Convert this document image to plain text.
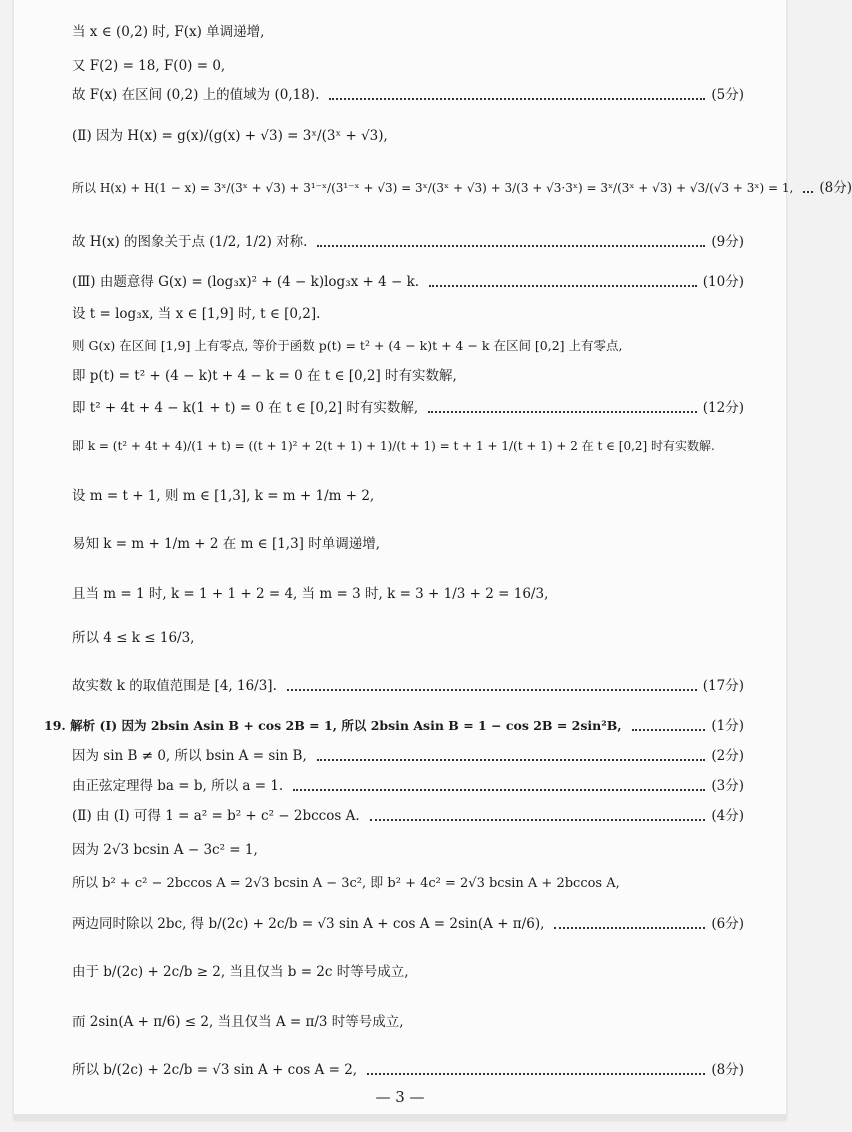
当 x ∈ (0,2) 时, F(x) 单调递增,
又 F(2) = 18, F(0) = 0,
故 F(x) 在区间 (0,2) 上的值域为 (0,18).	(5分)
(Ⅱ) 因为 H(x) = g(x)/(g(x) + √3) = 3ˣ/(3ˣ + √3),
所以 H(x) + H(1 − x) = 3ˣ/(3ˣ + √3) + 3¹⁻ˣ/(3¹⁻ˣ + √3) = 3ˣ/(3ˣ + √3) + 3/(3 + √3·3ˣ) = 3ˣ/(3ˣ + √3) + √3/(√3 + 3ˣ) = 1, (8分)
故 H(x) 的图象关于点 (1/2, 1/2) 对称.	(9分)
(Ⅲ) 由题意得 G(x) = (log₃x)² + (4 − k)log₃x + 4 − k.	(10分)
设 t = log₃x, 当 x ∈ [1,9] 时, t ∈ [0,2].
则 G(x) 在区间 [1,9] 上有零点, 等价于函数 p(t) = t² + (4 − k)t + 4 − k 在区间 [0,2] 上有零点,
即 p(t) = t² + (4 − k)t + 4 − k = 0 在 t ∈ [0,2] 时有实数解,
即 t² + 4t + 4 − k(1 + t) = 0 在 t ∈ [0,2] 时有实数解,	(12分)
即 k = (t² + 4t + 4)/(1 + t) = ((t + 1)² + 2(t + 1) + 1)/(t + 1) = t + 1 + 1/(t + 1) + 2 在 t ∈ [0,2] 时有实数解.
设 m = t + 1, 则 m ∈ [1,3], k = m + 1/m + 2,
易知 k = m + 1/m + 2 在 m ∈ [1,3] 时单调递增,
且当 m = 1 时, k = 1 + 1 + 2 = 4, 当 m = 3 时, k = 3 + 1/3 + 2 = 16/3,
所以 4 ≤ k ≤ 16/3,
故实数 k 的取值范围是 [4, 16/3].	(17分)
19. 解析 (Ⅰ) 因为 2bsin Asin B + cos 2B = 1, 所以 2bsin Asin B = 1 − cos 2B = 2sin²B,	(1分)
因为 sin B ≠ 0, 所以 bsin A = sin B,	(2分)
由正弦定理得 ba = b, 所以 a = 1.	(3分)
(Ⅱ) 由 (Ⅰ) 可得 1 = a² = b² + c² − 2bccos A.	(4分)
因为 2√3 bcsin A − 3c² = 1,
所以 b² + c² − 2bccos A = 2√3 bcsin A − 3c², 即 b² + 4c² = 2√3 bcsin A + 2bccos A,
两边同时除以 2bc, 得 b/(2c) + 2c/b = √3 sin A + cos A = 2sin(A + π/6),	(6分)
由于 b/(2c) + 2c/b ≥ 2, 当且仅当 b = 2c 时等号成立,
而 2sin(A + π/6) ≤ 2, 当且仅当 A = π/3 时等号成立,
所以 b/(2c) + 2c/b = √3 sin A + cos A = 2,	(8分)
— 3 —
